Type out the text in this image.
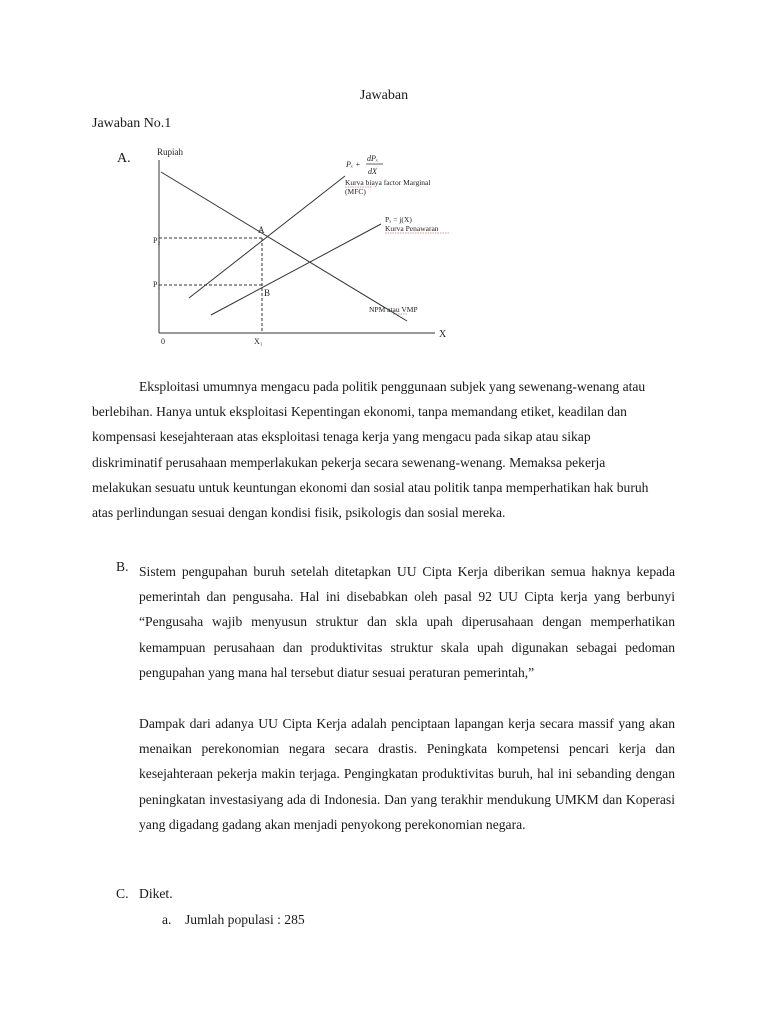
Jawaban

Jawaban No.1

A.	Rupiah
X
0	X₁
P₂
P₁
A
B
Pₓ +
dPₓ
dX
Kurva biaya factor Marginal
(MFC)
Pₓ = j(X)
Kurva Penawaran
NPM atau VMP

Eksploitasi umumnya mengacu pada politik penggunaan subjek yang sewenang-wenang atau berlebihan. Hanya untuk eksploitasi Kepentingan ekonomi, tanpa memandang etiket, keadilan dan kompensasi kesejahteraan atas eksploitasi tenaga kerja yang mengacu pada sikap atau sikap diskriminatif perusahaan memperlakukan pekerja secara sewenang-wenang. Memaksa pekerja melakukan sesuatu untuk keuntungan ekonomi dan sosial atau politik tanpa memperhatikan hak buruh atas perlindungan sesuai dengan kondisi fisik, psikologis dan sosial mereka.

B. Sistem pengupahan buruh setelah ditetapkan UU Cipta Kerja diberikan semua haknya kepada pemerintah dan pengusaha. Hal ini disebabkan oleh pasal 92 UU Cipta kerja yang berbunyi “Pengusaha wajib menyusun struktur dan skla upah diperusahaan dengan memperhatikan kemampuan perusahaan dan produktivitas struktur skala upah digunakan sebagai pedoman pengupahan yang mana hal tersebut diatur sesuai peraturan pemerintah,”

Dampak dari adanya UU Cipta Kerja adalah penciptaan lapangan kerja secara massif yang akan menaikan perekonomian negara secara drastis. Peningkata kompetensi pencari kerja dan kesejahteraan pekerja makin terjaga. Pengingkatan produktivitas buruh, hal ini sebanding dengan peningkatan investasiyang ada di Indonesia. Dan yang terakhir mendukung UMKM dan Koperasi yang digadang gadang akan menjadi penyokong perekonomian negara.

C. Diket.
a. Jumlah populasi : 285
